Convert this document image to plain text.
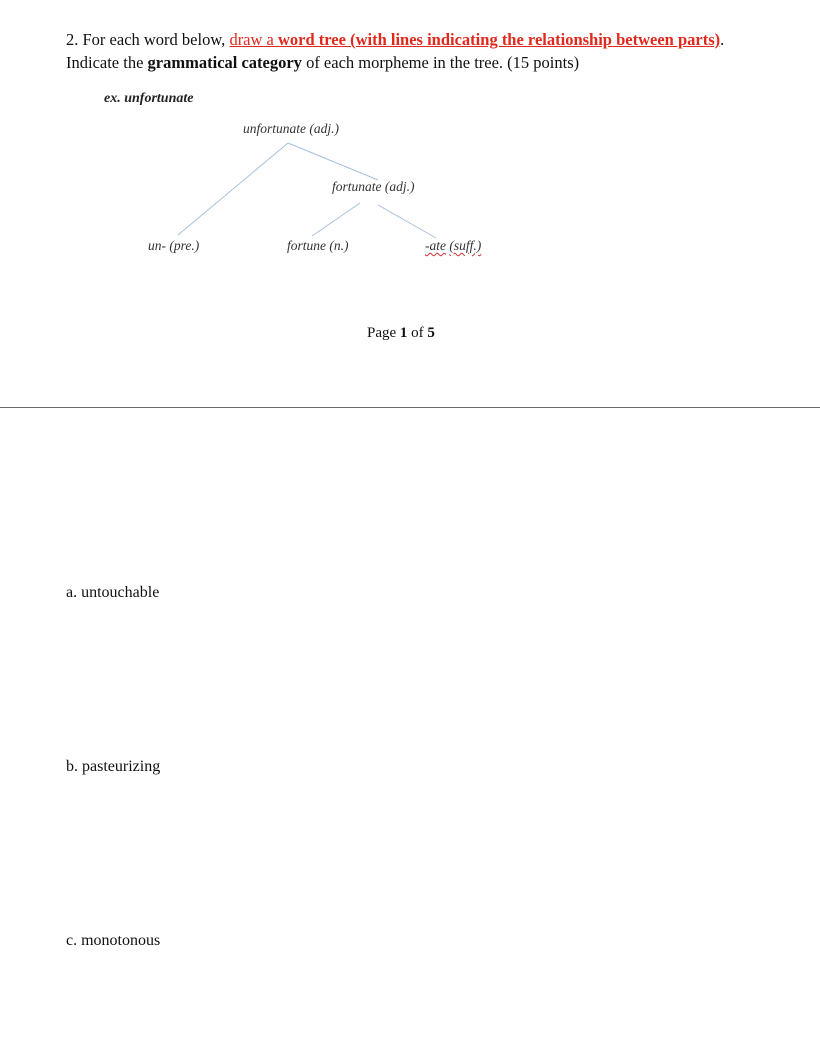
2. For each word below, draw a word tree (with lines indicating the relationship between parts). Indicate the grammatical category of each morpheme in the tree. (15 points)
ex. unfortunate
unfortunate (adj.)
fortunate (adj.)
un- (pre.)	fortune (n.)	-ate (suff.)
Page 1 of 5
a. untouchable
b. pasteurizing
c. monotonous
